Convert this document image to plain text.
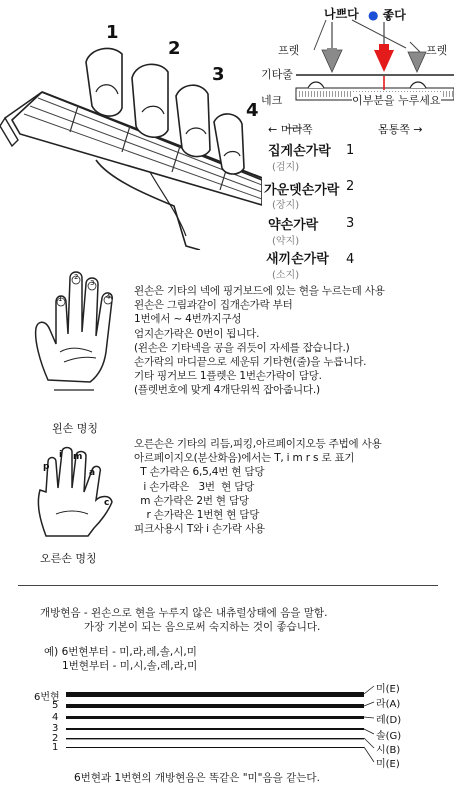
1
2
3
4
나쁘다 ● 좋다
프렛	프렛
기타줄
네크	이부분을 누루세요
← 머리쪽	몸통쪽 →
집게손가락
(검지)
1
가운뎃손가락
(장지)
2
약손가락
(약지)
3
새끼손가락
(소지)
4
1
2
3
4
왼손 명칭
왼손은 기타의 넥에 핑거보드에 있는 현을 누르는데 사용
왼손은 그림과같이 집개손가락 부터
1번에서 ~ 4번까지구성
엄지손가락은 0번이 됩니다.
(왼손은 기타넥을 공을 쥐듯이 자세를 잡습니다.)
손가락의 마디끝으로 세운뒤 기타현(줄)을 누릅니다.
기타 핑거보드 1플렛은 1번손가락이 담당.
(플렛번호에 맞게 4개단위씩 잡아줍니다.)
p
i m
a
c
오른손 명칭
오른손은 기타의 리듬,피킹,아르페이지오등 주법에 사용
아르페이지오(분산화음)에서는 T, i m r s 로 표기
T 손가락은 6,5,4번 현 담당
i 손가락은   3번  현 담당
m 손가락은 2번 현 담당
r 손가락은 1번현 현 담당
피크사용시 T와 i 손가락 사용
개방현음 - 왼손으로 현을 누루지 않은 내츄럴상태에 음을 말함.
가장 기본이 되는 음으로써 숙지하는 것이 좋습니다.
예) 6번현부터 - 미,라,레,솔,시,미
1번현부터 - 미,시,솔,레,라,미
6번현
5
4
3
2
1
미(E)
라(A)
레(D)
솔(G)
시(B)
미(E)
6번현과 1번현의 개방현음은 똑같은 "미"음을 같는다.
